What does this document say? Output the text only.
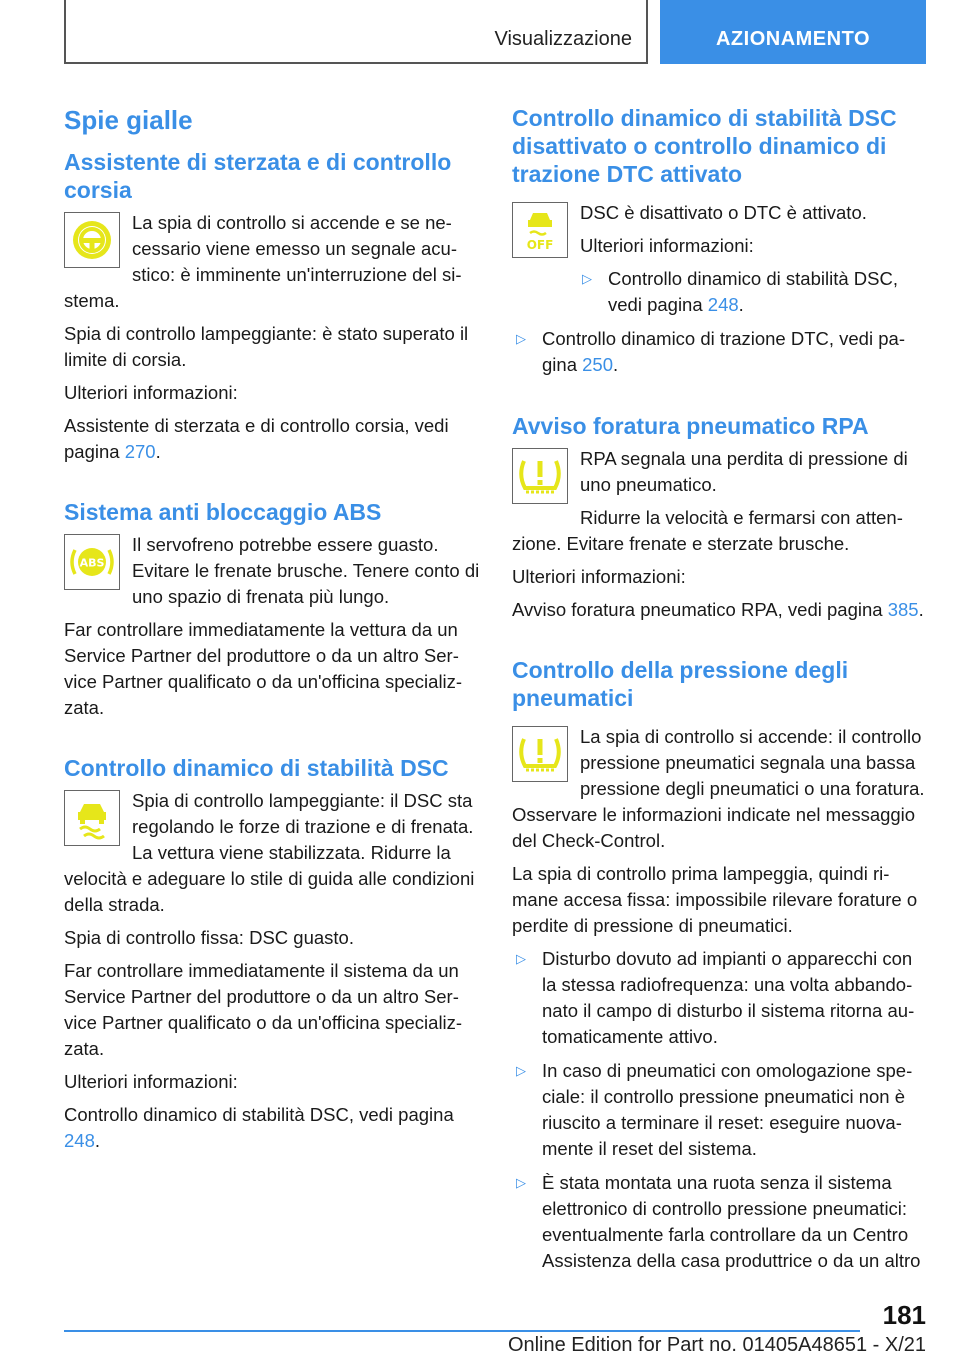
Visualizzazione	AZIONAMENTO
Spie gialle
Assistente di sterzata e di controllo corsia

La spia di controllo si accende e se necessario viene emesso un segnale acustico: è imminente un'interruzione del sistema.

Spia di controllo lampeggiante: è stato superato il limite di corsia.

Ulteriori informazioni:

Assistente di sterzata e di controllo corsia, vedi pagina 270.

Sistema anti bloccaggio ABS
ABS

Il servofreno potrebbe essere guasto. Evitare le frenate brusche. Tenere conto di uno spazio di frenata più lungo.

Far controllare immediatamente la vettura da un Service Partner del produttore o da un altro Service Partner qualificato o da un'officina specializzata.

Controllo dinamico di stabilità DSC

Spia di controllo lampeggiante: il DSC sta regolando le forze di trazione e di frenata. La vettura viene stabilizzata. Ridurre la velocità e adeguare lo stile di guida alle condizioni della strada.

Spia di controllo fissa: DSC guasto.

Far controllare immediatamente il sistema da un Service Partner del produttore o da un altro Service Partner qualificato o da un'officina specializzata.

Ulteriori informazioni:

Controllo dinamico di stabilità DSC, vedi pagina 248.

Controllo dinamico di stabilità DSC disattivato o controllo dinamico di trazione DTC attivato
OFF

DSC è disattivato o DTC è attivato.

Ulteriori informazioni:

▷ Controllo dinamico di stabilità DSC, vedi pagina 248.
▷ Controllo dinamico di trazione DTC, vedi pagina 250.
Avviso foratura pneumatico RPA

RPA segnala una perdita di pressione di uno pneumatico.

Ridurre la velocità e fermarsi con attenzione. Evitare frenate e sterzate brusche.

Ulteriori informazioni:

Avviso foratura pneumatico RPA, vedi pagina 385.

Controllo della pressione degli pneumatici

La spia di controllo si accende: il controllo pressione pneumatici segnala una bassa pressione degli pneumatici o una foratura. Osservare le informazioni indicate nel messaggio del Check-Control.

La spia di controllo prima lampeggia, quindi rimane accesa fissa: impossibile rilevare forature o perdite di pressione di pneumatici.

▷ Disturbo dovuto ad impianti o apparecchi con la stessa radiofrequenza: una volta abbandonato il campo di disturbo il sistema ritorna automaticamente attivo.
▷ In caso di pneumatici con omologazione speciale: il controllo pressione pneumatici non è riuscito a terminare il reset: eseguire nuovamente il reset del sistema.
▷ È stata montata una ruota senza il sistema elettronico di controllo pressione pneumatici: eventualmente farla controllare da un Centro Assistenza della casa produttrice o da un altro
181
Online Edition for Part no. 01405A48651 - X/21
